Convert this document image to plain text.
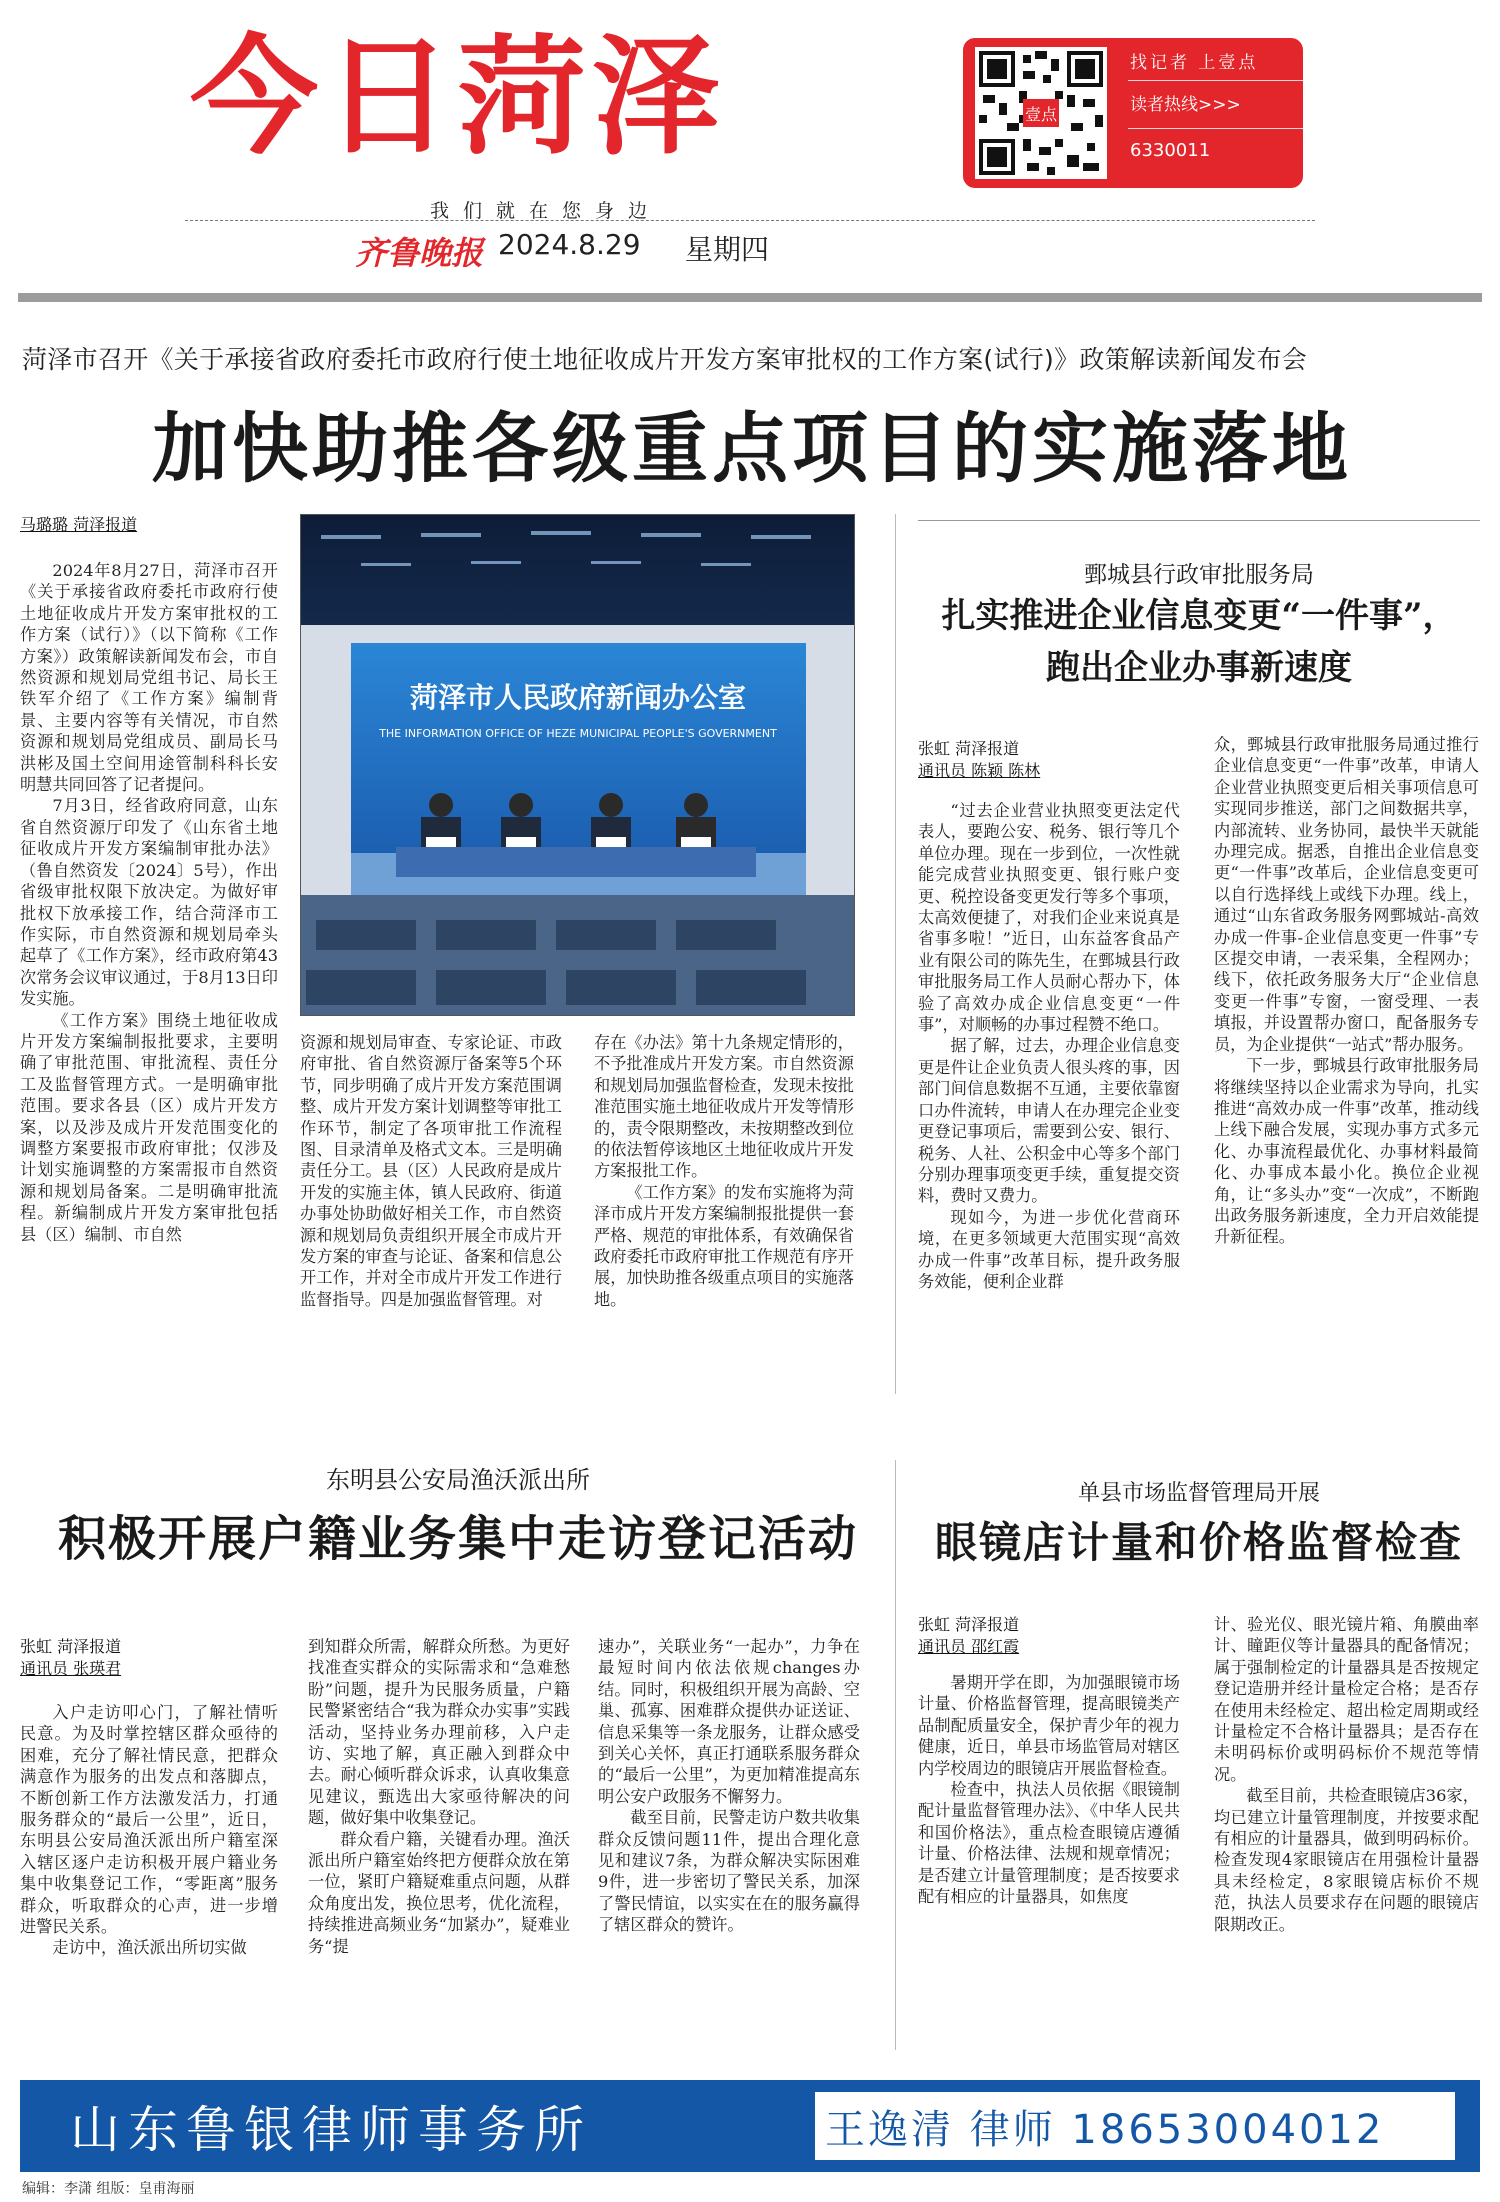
今日菏泽	壹点
找记者 上壹点
读者热线>>>
6330011
我们就在您身边
齐鲁晚报 2024.8.29 星期四
菏泽市召开《关于承接省政府委托市政府行使土地征收成片开发方案审批权的工作方案(试行)》政策解读新闻发布会
加快助推各级重点项目的实施落地
马璐璐 菏泽报道

2024年8月27日，菏泽市召开《关于承接省政府委托市政府行使土地征收成片开发方案审批权的工作方案（试行）》（以下简称《工作方案》）政策解读新闻发布会，市自然资源和规划局党组书记、局长王铁军介绍了《工作方案》编制背景、主要内容等有关情况，市自然资源和规划局党组成员、副局长马洪彬及国土空间用途管制科科长安明慧共同回答了记者提问。

7月3日，经省政府同意，山东省自然资源厅印发了《山东省土地征收成片开发方案编制审批办法》（鲁自然资发〔2024〕5号），作出省级审批权限下放决定。为做好审批权下放承接工作，结合菏泽市工作实际，市自然资源和规划局牵头起草了《工作方案》，经市政府第43次常务会议审议通过，于8月13日印发实施。

《工作方案》围绕土地征收成片开发方案编制报批要求，主要明确了审批范围、审批流程、责任分工及监督管理方式。一是明确审批范围。要求各县（区）成片开发方案，以及涉及成片开发范围变化的调整方案要报市政府审批；仅涉及计划实施调整的方案需报市自然资源和规划局备案。二是明确审批流程。新编制成片开发方案审批包括县（区）编制、市自然

菏泽市人民政府新闻办公室
THE INFORMATION OFFICE OF HEZE MUNICIPAL PEOPLE'S GOVERNMENT

资源和规划局审查、专家论证、市政府审批、省自然资源厅备案等5个环节，同步明确了成片开发方案范围调整、成片开发方案计划调整等审批工作环节，制定了各项审批工作流程图、目录清单及格式文本。三是明确责任分工。县（区）人民政府是成片开发的实施主体，镇人民政府、街道办事处协助做好相关工作，市自然资源和规划局负责组织开展全市成片开发方案的审查与论证、备案和信息公开工作，并对全市成片开发工作进行监督指导。四是加强监督管理。对

存在《办法》第十九条规定情形的，不予批准成片开发方案。市自然资源和规划局加强监督检查，发现未按批准范围实施土地征收成片开发等情形的，责令限期整改，未按期整改到位的依法暂停该地区土地征收成片开发方案报批工作。

《工作方案》的发布实施将为菏泽市成片开发方案编制报批提供一套严格、规范的审批体系，有效确保省政府委托市政府审批工作规范有序开展，加快助推各级重点项目的实施落地。

鄄城县行政审批服务局
扎实推进企业信息变更“一件事”，
跑出企业办事新速度
张虹 菏泽报道
通讯员 陈颖 陈林

“过去企业营业执照变更法定代表人，要跑公安、税务、银行等几个单位办理。现在一步到位，一次性就能完成营业执照变更、银行账户变更、税控设备变更发行等多个事项，太高效便捷了，对我们企业来说真是省事多啦！”近日，山东益客食品产业有限公司的陈先生，在鄄城县行政审批服务局工作人员耐心帮办下，体验了高效办成企业信息变更“一件事”，对顺畅的办事过程赞不绝口。

据了解，过去，办理企业信息变更是件让企业负责人很头疼的事，因部门间信息数据不互通，主要依靠窗口办件流转，申请人在办理完企业变更登记事项后，需要到公安、银行、税务、人社、公积金中心等多个部门分别办理事项变更手续，重复提交资料，费时又费力。

现如今，为进一步优化营商环境，在更多领域更大范围实现“高效办成一件事”改革目标，提升政务服务效能，便利企业群

众，鄄城县行政审批服务局通过推行企业信息变更“一件事”改革，申请人企业营业执照变更后相关事项信息可实现同步推送，部门之间数据共享，内部流转、业务协同，最快半天就能办理完成。据悉，自推出企业信息变更“一件事”改革后，企业信息变更可以自行选择线上或线下办理。线上，通过“山东省政务服务网鄄城站-高效办成一件事-企业信息变更一件事”专区提交申请，一表采集，全程网办；线下，依托政务服务大厅“企业信息变更一件事”专窗，一窗受理、一表填报，并设置帮办窗口，配备服务专员，为企业提供“一站式”帮办服务。

下一步，鄄城县行政审批服务局将继续坚持以企业需求为导向，扎实推进“高效办成一件事”改革，推动线上线下融合发展，实现办事方式多元化、办事流程最优化、办事材料最简化、办事成本最小化。换位企业视角，让“多头办”变“一次成”，不断跑出政务服务新速度，全力开启效能提升新征程。

东明县公安局渔沃派出所
积极开展户籍业务集中走访登记活动
张虹 菏泽报道
通讯员 张瑛君

入户走访叩心门，了解社情听民意。为及时掌控辖区群众亟待的困难，充分了解社情民意，把群众满意作为服务的出发点和落脚点，不断创新工作方法激发活力，打通服务群众的“最后一公里”，近日，东明县公安局渔沃派出所户籍室深入辖区逐户走访积极开展户籍业务集中收集登记工作，“零距离”服务群众，听取群众的心声，进一步增进警民关系。

走访中，渔沃派出所切实做

到知群众所需，解群众所愁。为更好找准查实群众的实际需求和“急难愁盼”问题，提升为民服务质量，户籍民警紧密结合“我为群众办实事”实践活动，坚持业务办理前移，入户走访、实地了解，真正融入到群众中去。耐心倾听群众诉求，认真收集意见建议，甄选出大家亟待解决的问题，做好集中收集登记。

群众看户籍，关键看办理。渔沃派出所户籍室始终把方便群众放在第一位，紧盯户籍疑难重点问题，从群众角度出发，换位思考，优化流程，持续推进高频业务“加紧办”，疑难业务“提

速办”，关联业务“一起办”，力争在最短时间内依法依规changes办结。同时，积极组织开展为高龄、空巢、孤寡、困难群众提供办证送证、信息采集等一条龙服务，让群众感受到关心关怀，真正打通联系服务群众的“最后一公里”，为更加精准提高东明公安户政服务不懈努力。

截至目前，民警走访户数共收集群众反馈问题11件，提出合理化意见和建议7条，为群众解决实际困难9件，进一步密切了警民关系，加深了警民情谊，以实实在在的服务赢得了辖区群众的赞许。

单县市场监督管理局开展
眼镜店计量和价格监督检查
张虹 菏泽报道
通讯员 邵红霞

暑期开学在即，为加强眼镜市场计量、价格监督管理，提高眼镜类产品制配质量安全，保护青少年的视力健康，近日，单县市场监管局对辖区内学校周边的眼镜店开展监督检查。

检查中，执法人员依据《眼镜制配计量监督管理办法》、《中华人民共和国价格法》，重点检查眼镜店遵循计量、价格法律、法规和规章情况；是否建立计量管理制度；是否按要求配有相应的计量器具，如焦度

计、验光仪、眼光镜片箱、角膜曲率计、瞳距仪等计量器具的配备情况；属于强制检定的计量器具是否按规定登记造册并经计量检定合格；是否存在使用未经检定、超出检定周期或经计量检定不合格计量器具；是否存在未明码标价或明码标价不规范等情况。

截至目前，共检查眼镜店36家，均已建立计量管理制度，并按要求配有相应的计量器具，做到明码标价。检查发现4家眼镜店在用强检计量器具未经检定，8家眼镜店标价不规范，执法人员要求存在问题的眼镜店限期改正。

山东鲁银律师事务所	王逸清 律师 18653004012
编辑：李潇 组版：皇甫海丽
